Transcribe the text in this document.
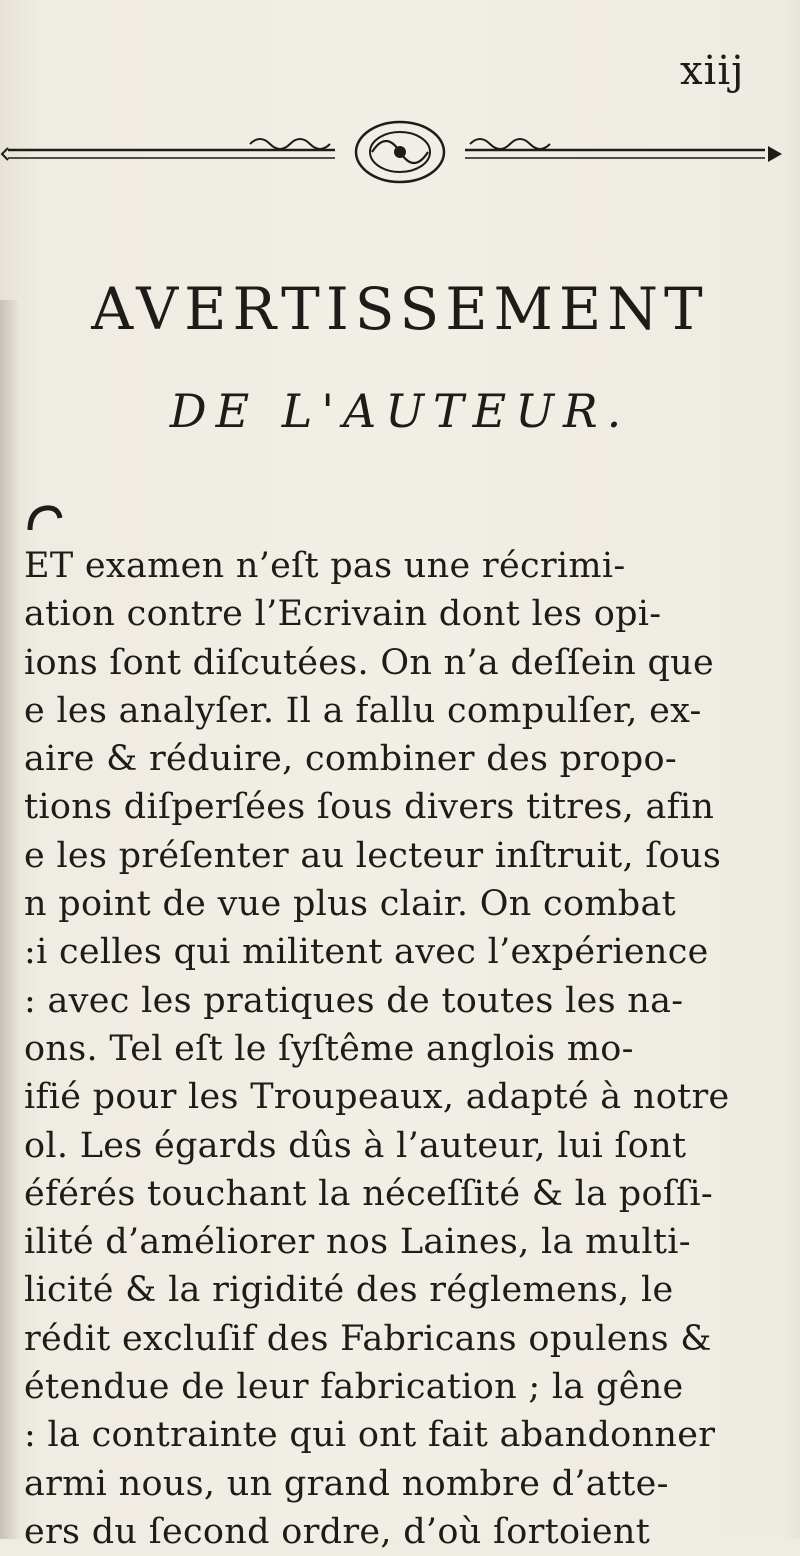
xiij
AVERTISSEMENT
DE L'AUTEUR.
ET examen n’eſt pas une récrimi-
ation contre l’Ecrivain dont les opi-
ions ſont diſcutées. On n’a deſſein que
e les analyſer. Il a fallu compulſer, ex-
aire & réduire, combiner des propo-
tions diſperſées ſous divers titres, afin
e les préſenter au lecteur inſtruit, ſous
n point de vue plus clair. On combat
:i celles qui militent avec l’expérience
: avec les pratiques de toutes les na-
ons. Tel eſt le ſyſtême anglois mo-
ifié pour les Troupeaux, adapté à notre
ol. Les égards dûs à l’auteur, lui ſont
éférés touchant la néceſſité & la poſſi-
ilité d’améliorer nos Laines, la multi-
licité & la rigidité des réglemens, le
rédit excluſif des Fabricans opulens &
étendue de leur fabrication ; la gêne
: la contrainte qui ont fait abandonner
armi nous, un grand nombre d’atte-
ers du ſecond ordre, d’où ſortoient
